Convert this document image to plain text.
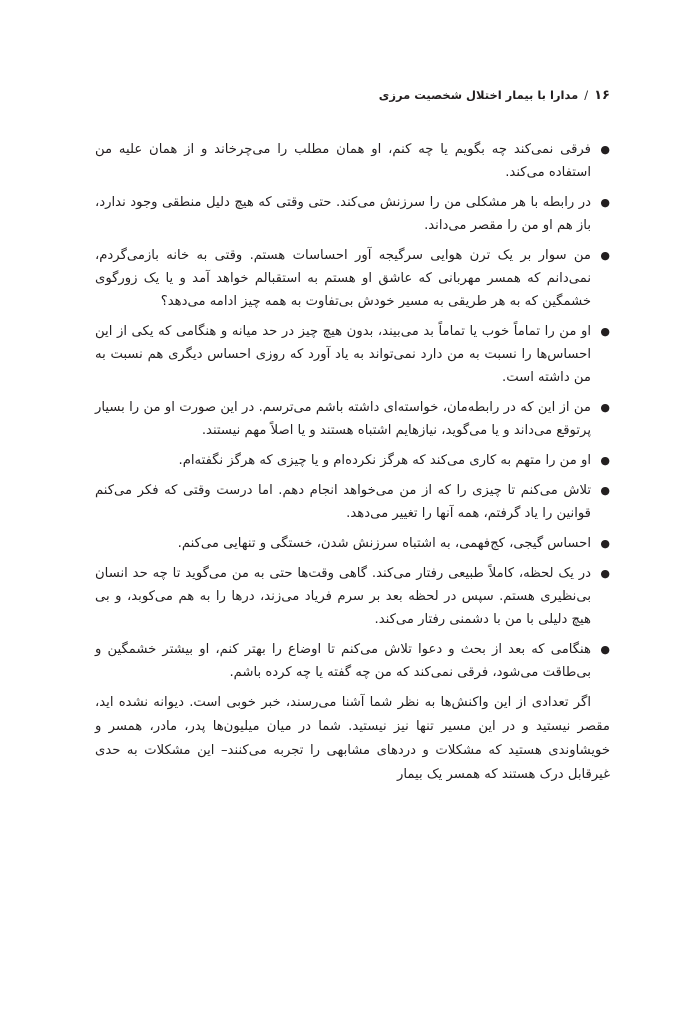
۱۶
/
مدارا با بیمار اختلال شخصیت مرزی
●
فرقی نمی‌کند چه بگویم یا چه کنم، او همان مطلب را می‌چرخاند و از همان علیه من استفاده می‌کند.
●
در رابطه با هر مشکلی من را سرزنش می‌کند. حتی وقتی که هیچ دلیل منطقی وجود ندارد، باز هم او من را مقصر می‌داند.
●
من سوار بر یک ترن هوایی سرگیجه آور احساسات هستم. وقتی به خانه بازمی‌گردم، نمی‌دانم که همسر مهربانی که عاشق او هستم به استقبالم خواهد آمد و یا یک زورگوی خشمگین که به هر طریقی به مسیر خودش بی‌تفاوت به همه چیز ادامه می‌دهد؟
●
او من را تماماً خوب یا تماماً بد می‌بیند، بدون هیچ چیز در حد میانه و هنگامی که یکی از این احساس‌ها را نسبت به من دارد نمی‌تواند به یاد آورد که روزی احساس دیگری هم نسبت به من داشته است.
●
من از این که در رابطه‌مان، خواسته‌ای داشته باشم می‌ترسم. در این صورت او من را بسیار پرتوقع می‌داند و یا می‌گوید، نیازهایم اشتباه هستند و یا اصلاً مهم نیستند.
●
او من را متهم به کاری می‌کند که هرگز نکرده‌ام و یا چیزی که هرگز نگفته‌ام.
●
تلاش می‌کنم تا چیزی را که از من می‌خواهد انجام دهم. اما درست وقتی که فکر می‌کنم قوانین را یاد گرفتم، همه آنها را تغییر می‌دهد.
●
احساس گیجی، کج‌فهمی، به اشتباه سرزنش شدن، خستگی و تنهایی می‌کنم.
●
در یک لحظه، کاملاً طبیعی رفتار می‌کند. گاهی وقت‌ها حتی به من می‌گوید تا چه حد انسان بی‌نظیری هستم. سپس در لحظه بعد بر سرم فریاد می‌زند، درها را به هم می‌کوبد، و بی هیچ دلیلی با من با دشمنی رفتار می‌کند.
●
هنگامی که بعد از بحث و دعوا تلاش می‌کنم تا اوضاع را بهتر کنم، او بیشتر خشمگین و بی‌طاقت می‌شود، فرقی نمی‌کند که من چه گفته یا چه کرده باشم.

اگر تعدادی از این واکنش‌ها به نظر شما آشنا می‌رسند، خبر خوبی است. دیوانه نشده اید، مقصر نیستید و در این مسیر تنها نیز نیستید. شما در میان میلیون‌ها پدر، مادر، همسر و خویشاوندی هستید که مشکلات و دردهای مشابهی را تجربه می‌کنند– این مشکلات به حدی غیرقابل درک هستند که همسر یک بیمار
